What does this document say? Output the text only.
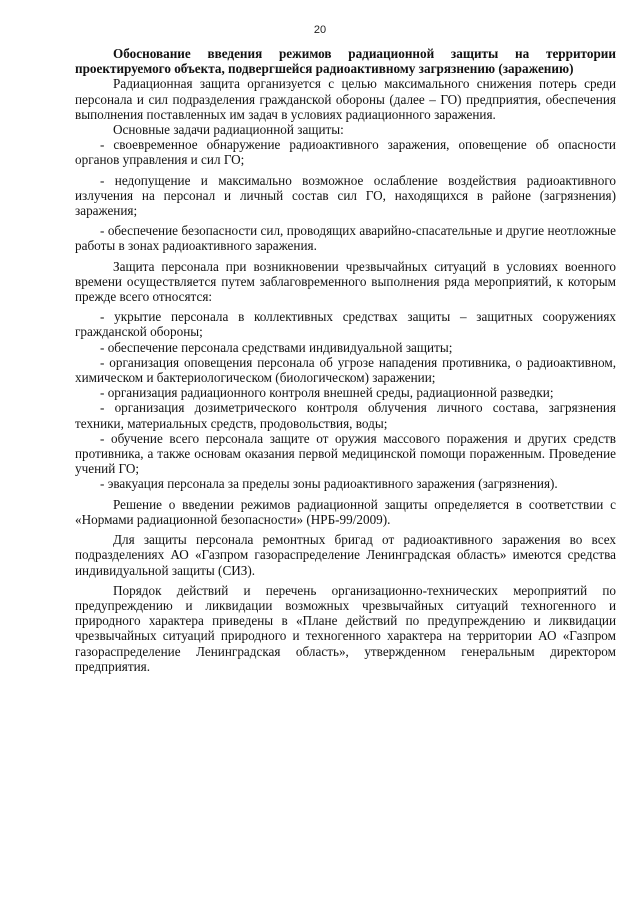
20

Обоснование введения режимов радиационной защиты на территории проектируемого объекта, подвергшейся радиоактивному загрязнению (заражению)

Радиационная защита организуется с целью максимального снижения потерь среди персонала и сил подразделения гражданской обороны (далее – ГО) предприятия, обеспечения выполнения поставленных им задач в условиях радиационного заражения.

Основные задачи радиационной защиты:

- своевременное обнаружение радиоактивного заражения, оповещение об опасности органов управления и сил ГО;

- недопущение и максимально возможное ослабление воздействия радиоактивного излучения на персонал и личный состав сил ГО, находящихся в районе (загрязнения) заражения;

- обеспечение безопасности сил, проводящих аварийно-спасательные и другие неотложные работы в зонах радиоактивного заражения.

Защита персонала при возникновении чрезвычайных ситуаций в условиях военного времени осуществляется путем заблаговременного выполнения ряда мероприятий, к которым прежде всего относятся:

- укрытие персонала в коллективных средствах защиты – защитных сооружениях гражданской обороны;

- обеспечение персонала средствами индивидуальной защиты;

- организация оповещения персонала об угрозе нападения противника, о радиоактивном, химическом и бактериологическом (биологическом) заражении;

- организация радиационного контроля внешней среды, радиационной разведки;

- организация дозиметрического контроля облучения личного состава, загрязнения техники, материальных средств, продовольствия, воды;

- обучение всего персонала защите от оружия массового поражения и других средств противника, а также основам оказания первой медицинской помощи пораженным. Проведение учений ГО;

- эвакуация персонала за пределы зоны радиоактивного заражения (загрязнения).

Решение о введении режимов радиационной защиты определяется в соответствии с «Нормами радиационной безопасности» (НРБ-99/2009).

Для защиты персонала ремонтных бригад от радиоактивного заражения во всех подразделениях АО «Газпром газораспределение Ленинградская область» имеются средства индивидуальной защиты (СИЗ).

Порядок действий и перечень организационно-технических мероприятий по предупреждению и ликвидации возможных чрезвычайных ситуаций техногенного и природного характера приведены в «Плане действий по предупреждению и ликвидации чрезвычайных ситуаций природного и техногенного характера на территории АО «Газпром газораспределение Ленинградская область», утвержденном генеральным директором предприятия.
